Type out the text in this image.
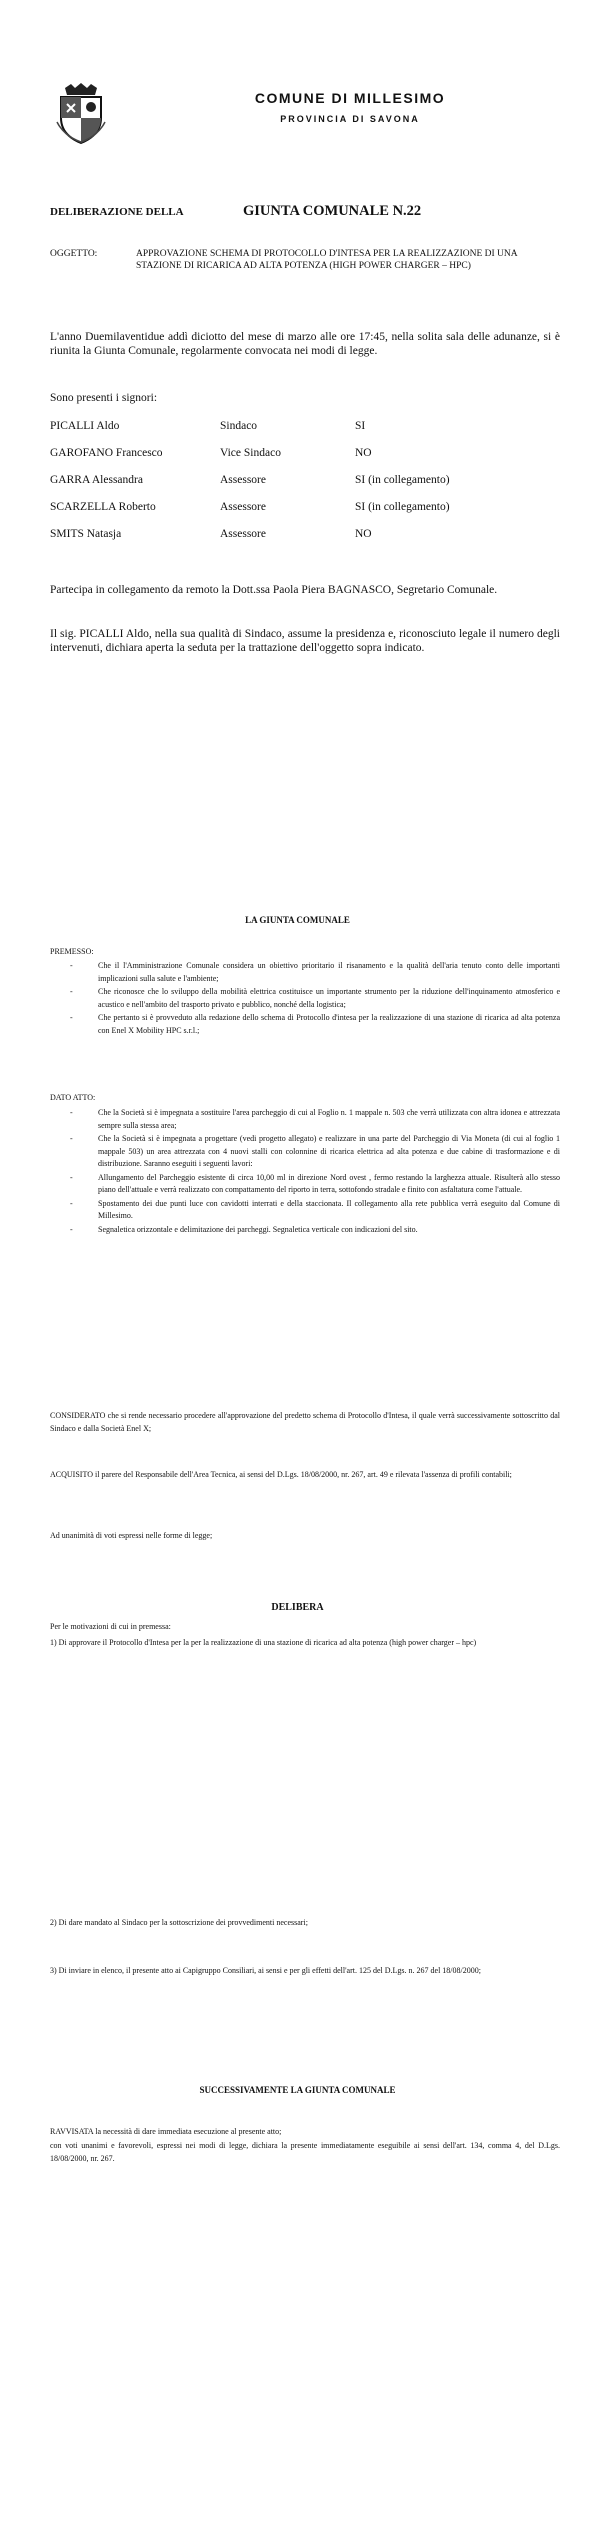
COMUNE DI MILLESIMO
PROVINCIA DI SAVONA
DELIBERAZIONE DELLA	GIUNTA COMUNALE N.22
OGGETTO:	APPROVAZIONE SCHEMA DI PROTOCOLLO D'INTESA PER LA REALIZZAZIONE DI UNA STAZIONE DI RICARICA AD ALTA POTENZA (HIGH POWER CHARGER – HPC)
L'anno Duemilaventidue addì diciotto del mese di marzo alle ore 17:45, nella solita sala delle adunanze, si è riunita la Giunta Comunale, regolarmente convocata nei modi di legge.
Sono presenti i signori:
PICALLI Aldo	Sindaco	SI
GAROFANO Francesco	Vice Sindaco	NO
GARRA Alessandra	Assessore	SI (in collegamento)
SCARZELLA Roberto	Assessore	SI (in collegamento)
SMITS Natasja	Assessore	NO
Partecipa in collegamento da remoto la Dott.ssa Paola Piera BAGNASCO, Segretario Comunale.
Il sig. PICALLI Aldo, nella sua qualità di Sindaco, assume la presidenza e, riconosciuto legale il numero degli intervenuti, dichiara aperta la seduta per la trattazione dell'oggetto sopra indicato.
LA GIUNTA COMUNALE
PREMESSO:
- Che il l'Amministrazione Comunale considera un obiettivo prioritario il risanamento e la qualità dell'aria tenuto conto delle importanti implicazioni sulla salute e l'ambiente;
- Che riconosce che lo sviluppo della mobilità elettrica costituisce un importante strumento per la riduzione dell'inquinamento atmosferico e acustico e nell'ambito del trasporto privato e pubblico, nonché della logistica;
- Che pertanto si è provveduto alla redazione dello schema di Protocollo d'intesa per la realizzazione di una stazione di ricarica ad alta potenza con Enel X Mobility HPC s.r.l.;
DATO ATTO:
- Che la Società si è impegnata a sostituire l'area parcheggio di cui al Foglio n. 1 mappale n. 503 che verrà utilizzata con altra idonea e attrezzata sempre sulla stessa area;
- Che la Società si è impegnata a progettare (vedi progetto allegato) e realizzare in una parte del Parcheggio di Via Moneta (di cui al foglio 1 mappale 503) un area attrezzata con 4 nuovi stalli con colonnine di ricarica elettrica ad alta potenza e due cabine di trasformazione e di distribuzione. Saranno eseguiti i seguenti lavori:
- Allungamento del Parcheggio esistente di circa 10,00 ml in direzione Nord ovest , fermo restando la larghezza attuale. Risulterà allo stesso piano dell'attuale e verrà realizzato con compattamento del riporto in terra, sottofondo stradale e finito con asfaltatura come l'attuale.
- Spostamento dei due punti luce con cavidotti interrati e della staccionata. Il collegamento alla rete pubblica verrà eseguito dal Comune di Millesimo.
- Segnaletica orizzontale e delimitazione dei parcheggi. Segnaletica verticale con indicazioni del sito.
CONSIDERATO che si rende necessario procedere all'approvazione del predetto schema di Protocollo d'Intesa, il quale verrà successivamente sottoscritto dal Sindaco e dalla Società Enel X;
ACQUISITO il parere del Responsabile dell'Area Tecnica, ai sensi del D.Lgs. 18/08/2000, nr. 267, art. 49 e rilevata l'assenza di profili contabili;
Ad unanimità di voti espressi nelle forme di legge;
DELIBERA
Per le motivazioni di cui in premessa:
1) Di approvare il Protocollo d'Intesa per la per la realizzazione di una stazione di ricarica ad alta potenza (high power charger – hpc)
2) Di dare mandato al Sindaco per la sottoscrizione dei provvedimenti necessari;
3) Di inviare in elenco, il presente atto ai Capigruppo Consiliari, ai sensi e per gli effetti dell'art. 125 del D.Lgs. n. 267 del 18/08/2000;
SUCCESSIVAMENTE LA GIUNTA COMUNALE
RAVVISATA la necessità di dare immediata esecuzione al presente atto;
con voti unanimi e favorevoli, espressi nei modi di legge, dichiara la presente immediatamente eseguibile ai sensi dell'art. 134, comma 4, del D.Lgs. 18/08/2000, nr. 267.
